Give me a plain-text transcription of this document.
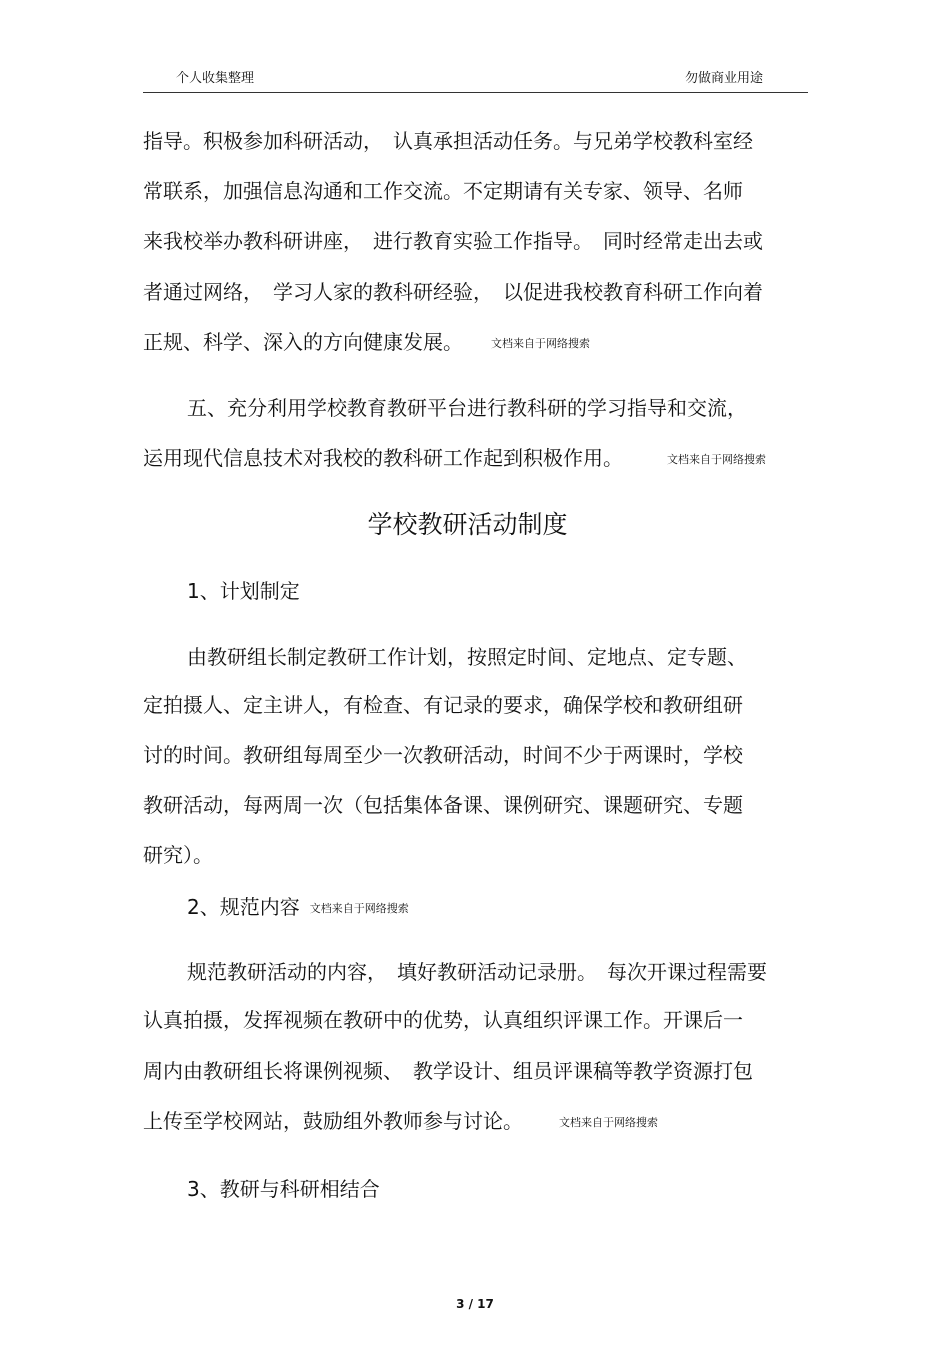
个人收集整理	勿做商业用途
指导。积极参加科研活动，　认真承担活动任务。与兄弟学校教科室经
常联系，加强信息沟通和工作交流。不定期请有关专家、领导、名师
来我校举办教科研讲座，　进行教育实验工作指导。　同时经常走出去或
者通过网络，　学习人家的教科研经验，　以促进我校教育科研工作向着
正规、科学、深入的方向健康发展。	文档来自于网络搜索
五、充分利用学校教育教研平台进行教科研的学习指导和交流，
运用现代信息技术对我校的教科研工作起到积极作用。	文档来自于网络搜索
学校教研活动制度
1、计划制定
由教研组长制定教研工作计划，按照定时间、定地点、定专题、
定拍摄人、定主讲人，有检查、有记录的要求，确保学校和教研组研
讨的时间。教研组每周至少一次教研活动，时间不少于两课时，学校
教研活动，每两周一次（包括集体备课、课例研究、课题研究、专题
研究）。
2、规范内容 文档来自于网络搜索
规范教研活动的内容，　填好教研活动记录册。　每次开课过程需要
认真拍摄，发挥视频在教研中的优势，认真组织评课工作。开课后一
周内由教研组长将课例视频、　教学设计、组员评课稿等教学资源打包
上传至学校网站，鼓励组外教师参与讨论。	文档来自于网络搜索
3、教研与科研相结合
3 / 17
